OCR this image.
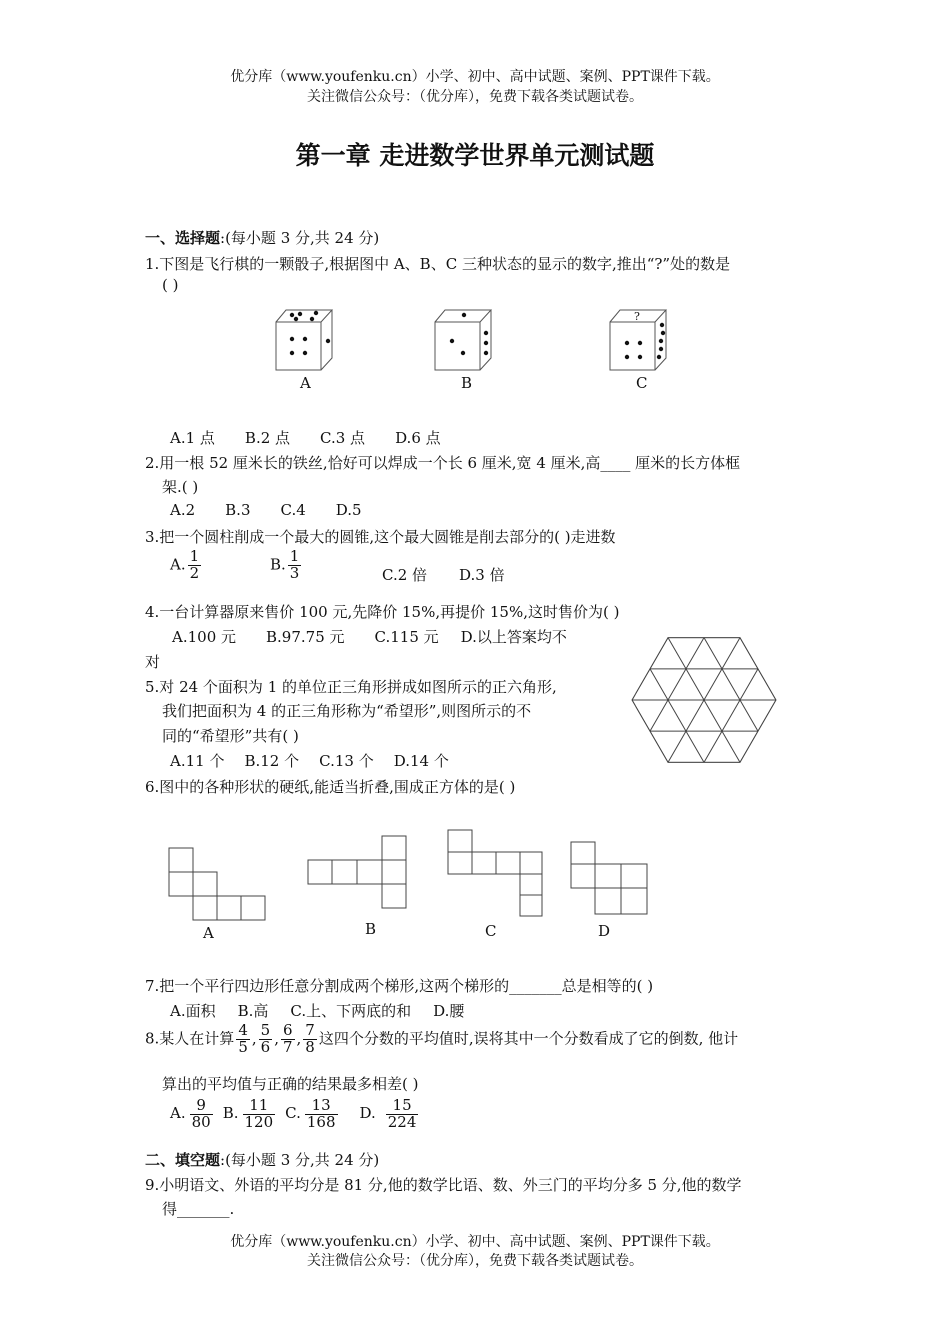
优分库（www.youfenku.cn）小学、初中、高中试题、案例、PPT课件下载。
关注微信公众号：（优分库），免费下载各类试题试卷。
第一章 走进数学世界单元测试题
一、选择题:(每小题 3 分,共 24 分)
1.下图是飞行棋的一颗骰子,根据图中 A、B、C 三种状态的显示的数字,推出“?”处的数是
( )
?
A	B	C
A.1 点 B.2 点 C.3 点 D.6 点
2.用一根 52 厘米长的铁丝,恰好可以焊成一个长 6 厘米,宽 4 厘米,高____ 厘米的长方体框
架.( )
A.2 B.3 C.4 D.5
3.把一个圆柱削成一个最大的圆锥,这个最大圆锥是削去部分的( )走进数
A. $\frac{1}{2}$	B. $\frac{1}{3}$	C.2 倍 D.3 倍
4.一台计算器原来售价 100 元,先降价 15%,再提价 15%,这时售价为( )
A.100 元 B.97.75 元 C.115 元 D.以上答案均不
对
5.对 24 个面积为 1 的单位正三角形拼成如图所示的正六角形,
我们把面积为 4 的正三角形称为“希望形”,则图所示的不
同的“希望形”共有( )
A.11 个 B.12 个 C.13 个 D.14 个
6.图中的各种形状的硬纸,能适当折叠,围成正方体的是( )
A	B	C	D
7.把一个平行四边形任意分割成两个梯形,这两个梯形的_______总是相等的( )
A.面积 B.高 C.上、下两底的和 D.腰
8.某人在计算 $\frac{4}{5}$ , $\frac{5}{6}$ , $\frac{6}{7}$ , $\frac{7}{8}$ 这四个分数的平均值时,误将其中一个分数看成了它的倒数, 他计
算出的平均值与正确的结果最多相差( )
A. $\frac{9}{80} B$. $\frac{11}{120} C$. $\frac{13}{168} D$. $\frac{15}{224}$
二、填空题:(每小题 3 分,共 24 分)
9.小明语文、外语的平均分是 81 分,他的数学比语、数、外三门的平均分多 5 分,他的数学
得_______.
优分库（www.youfenku.cn）小学、初中、高中试题、案例、PPT课件下载。
关注微信公众号：（优分库），免费下载各类试题试卷。
